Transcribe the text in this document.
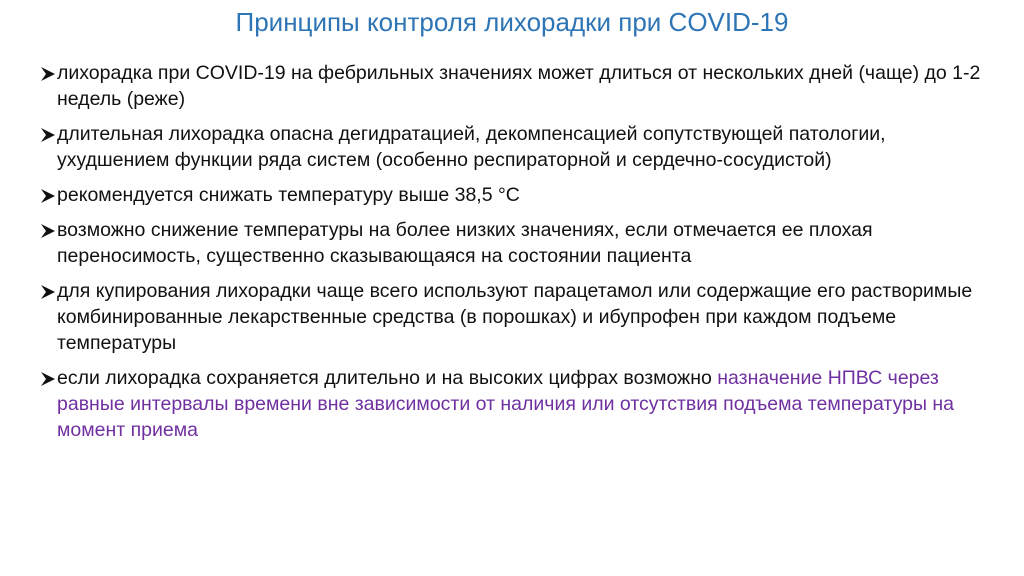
Принципы контроля лихорадки при COVID-19
лихорадка при COVID-19 на фебрильных значениях может длиться от нескольких дней (чаще) до 1-2 недель (реже)
длительная лихорадка опасна дегидратацией, декомпенсацией сопутствующей патологии, ухудшением функции ряда систем (особенно респираторной и сердечно-сосудистой)
рекомендуется снижать температуру выше 38,5 °С
возможно снижение температуры на более низких значениях, если отмечается ее плохая переносимость, существенно сказывающаяся на состоянии пациента
для купирования лихорадки чаще всего используют парацетамол или содержащие его растворимые комбинированные лекарственные средства (в порошках) и ибупрофен при каждом подъеме температуры
если лихорадка сохраняется длительно и на высоких цифрах возможно назначение НПВС через равные интервалы времени вне зависимости от наличия или отсутствия подъема температуры на момент приема
